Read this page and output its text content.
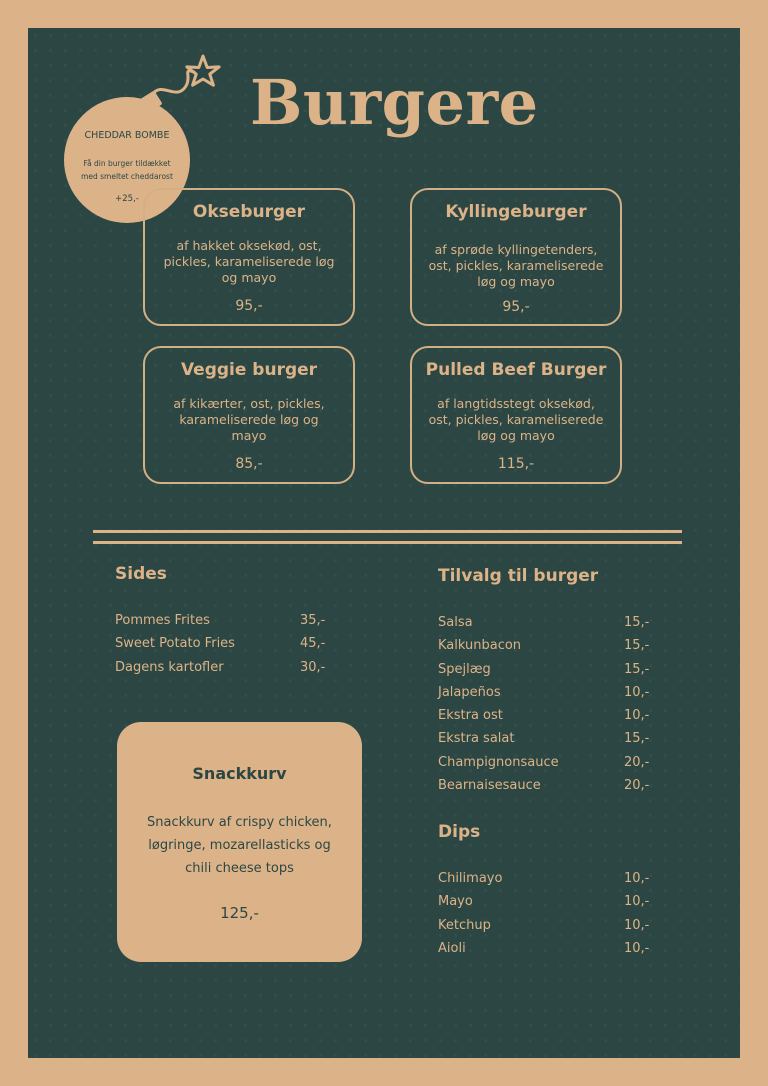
Burgere
CHEDDAR BOMBE
Få din burger tildækket med smeltet cheddarost
+25,-
Okseburger
af hakket oksekød, ost, pickles, karameliserede løg og mayo
95,-
Kyllingeburger
af sprøde kyllingetenders, ost, pickles, karameliserede løg og mayo
95,-
Veggie burger
af kikærter, ost, pickles, karameliserede løg og mayo
85,-
Pulled Beef Burger
af langtidsstegt oksekød, ost, pickles, karameliserede løg og mayo
115,-
Sides
Pommes Frites	35,-
Sweet Potato Fries	45,-
Dagens kartofler	30,-
Snackkurv
Snackkurv af crispy chicken, løgringe, mozarellasticks og chili cheese tops
125,-
Tilvalg til burger
Salsa	15,-
Kalkunbacon	15,-
Spejlæg	15,-
Jalapeños	10,-
Ekstra ost	10,-
Ekstra salat	15,-
Champignonsauce	20,-
Bearnaisesauce	20,-
Dips
Chilimayo	10,-
Mayo	10,-
Ketchup	10,-
Aioli	10,-
